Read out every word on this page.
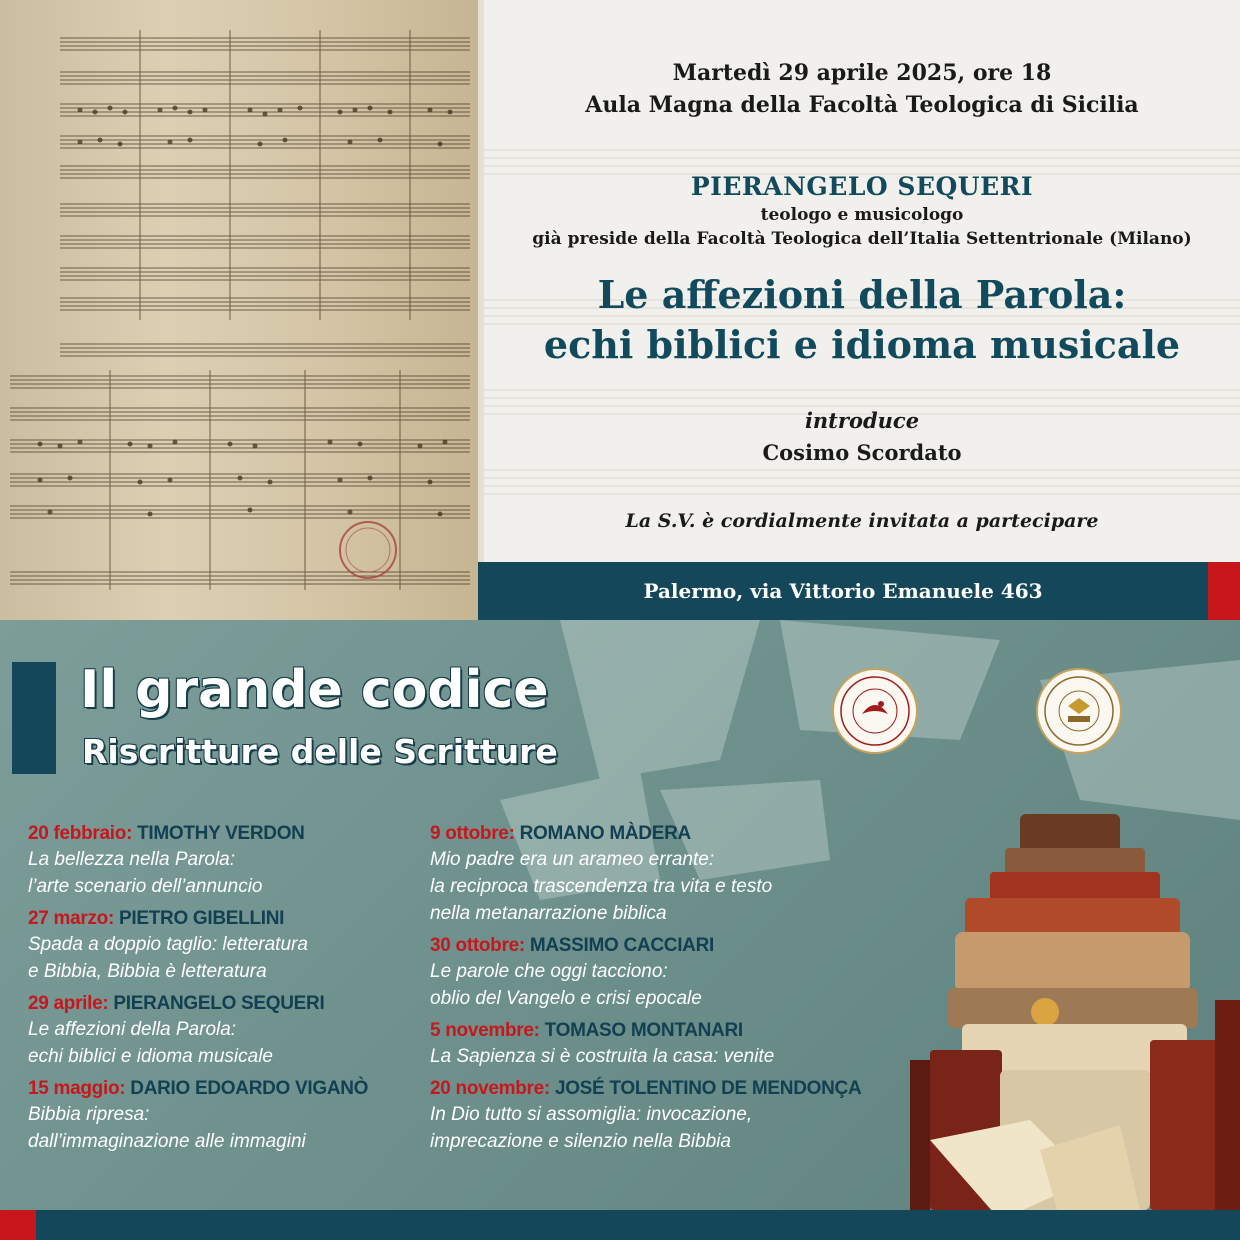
Martedì 29 aprile 2025, ore 18
Aula Magna della Facoltà Teologica di Sicilia
PIERANGELO SEQUERI
teologo e musicologo
già preside della Facoltà Teologica dell’Italia Settentrionale (Milano)
Le affezioni della Parola:
echi biblici e idioma musicale
introduce
Cosimo Scordato
La S.V. è cordialmente invitata a partecipare
Palermo, via Vittorio Emanuele 463
Il grande codice
Riscritture delle Scritture
20 febbraio: TIMOTHY VERDON
La bellezza nella Parola:
l’arte scenario dell’annuncio
27 marzo: PIETRO GIBELLINI
Spada a doppio taglio: letteratura
e Bibbia, Bibbia è letteratura
29 aprile: PIERANGELO SEQUERI
Le affezioni della Parola:
echi biblici e idioma musicale
15 maggio: DARIO EDOARDO VIGANÒ
Bibbia ripresa:
dall’immaginazione alle immagini
9 ottobre: ROMANO MÀDERA
Mio padre era un arameo errante:
la reciproca trascendenza tra vita e testo
nella metanarrazione biblica
30 ottobre: MASSIMO CACCIARI
Le parole che oggi tacciono:
oblio del Vangelo e crisi epocale
5 novembre: TOMASO MONTANARI
La Sapienza si è costruita la casa: venite
20 novembre: JOSÉ TOLENTINO DE MENDONÇA
In Dio tutto si assomiglia: invocazione,
imprecazione e silenzio nella Bibbia
